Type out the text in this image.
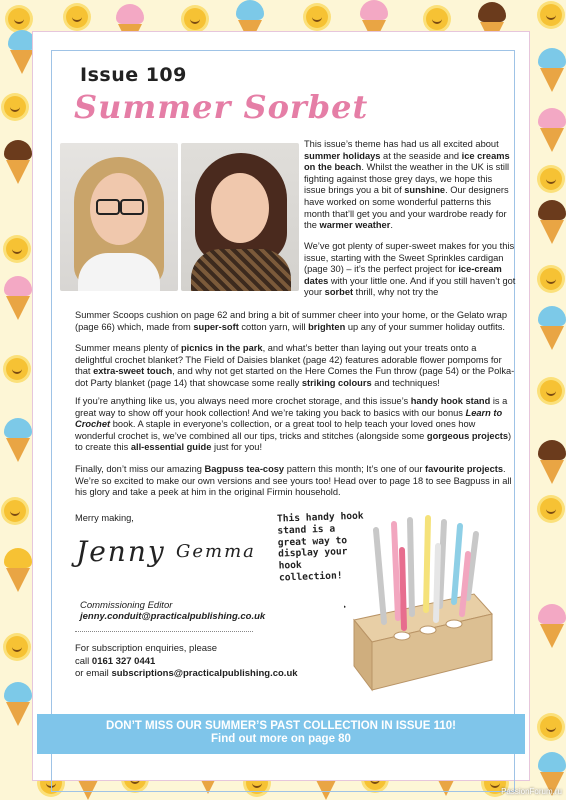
Issue 109
Summer Sorbet
This issue’s theme has had us all excited about summer holidays at the seaside and ice creams on the beach. Whilst the weather in the UK is still fighting against those grey days, we hope this issue brings you a bit of sunshine. Our designers have worked on some wonderful patterns this month that’ll get you and your wardrobe ready for the warmer weather.
We’ve got plenty of super-sweet makes for you this issue, starting with the Sweet Sprinkles cardigan (page 30) – it’s the perfect project for ice-cream dates with your little one. And if you still haven’t got your sorbet thrill, why not try the
Summer Scoops cushion on page 62 and bring a bit of summer cheer into your home, or the Gelato wrap (page 66) which, made from super-soft cotton yarn, will brighten up any of your summer holiday outfits.
Summer means plenty of picnics in the park, and what’s better than laying out your treats onto a delightful crochet blanket? The Field of Daisies blanket (page 42) features adorable flower pompoms for that extra-sweet touch, and why not get started on the Here Comes the Fun throw (page 54) or the Polka-dot Party blanket (page 14) that showcase some really striking colours and techniques!
If you’re anything like us, you always need more crochet storage, and this issue’s handy hook stand is a great way to show off your hook collection! And we’re taking you back to basics with our bonus Learn to Crochet book. A staple in everyone’s collection, or a great tool to help teach your loved ones how wonderful crochet is, we’ve combined all our tips, tricks and stitches (alongside some gorgeous projects) to create this all-essential guide just for you!
Finally, don’t miss our amazing Bagpuss tea-cosy pattern this month; It’s one of our favourite projects. We’re so excited to make our own versions and see yours too! Head over to page 18 to see Bagpuss in all his glory and take a peek at him in the original Firmin household.
Merry making,
Jenny Gemma
Commissioning Editor
jenny.conduit@practicalpublishing.co.uk
For subscription enquiries, please
call 0161 327 0441
or email subscriptions@practicalpublishing.co.uk
This handy hook stand is a great way to display your hook collection!
DON’T MISS OUR SUMMER’S PAST COLLECTION IN ISSUE 110!
Find out more on page 80
PassionForum.ru
